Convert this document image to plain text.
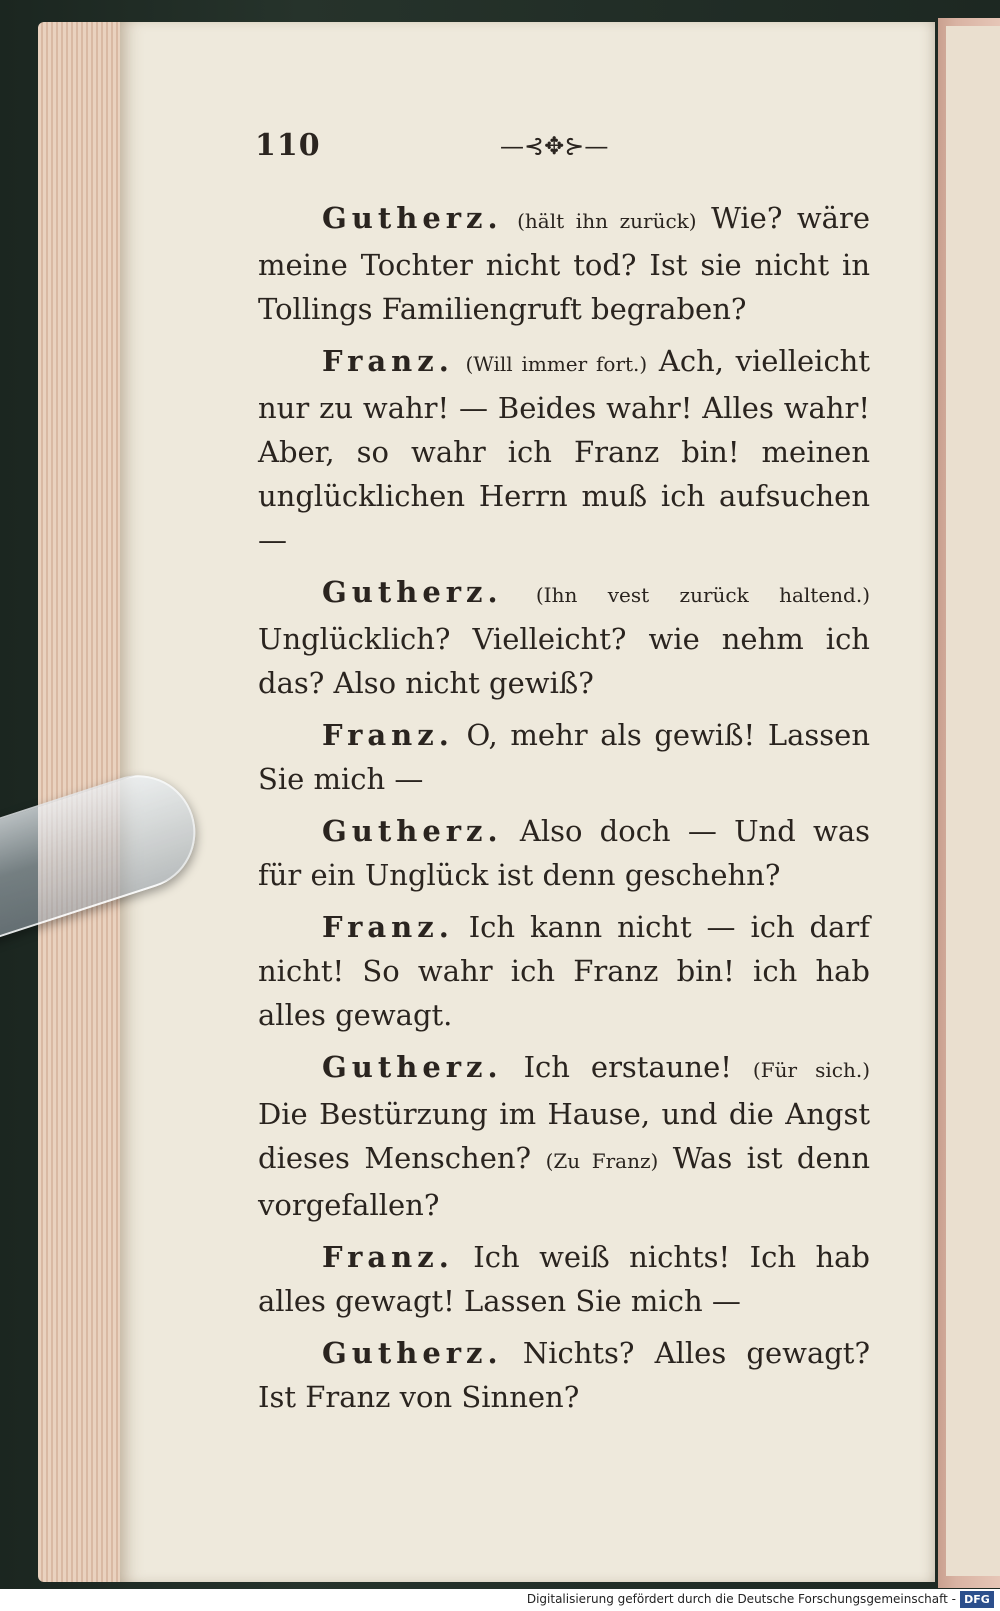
110	—⊰✥⊱—

Gutherz. (hält ihn zurück) Wie? wäre meine Tochter nicht tod? Ist sie nicht in Tollings Familiengruft begraben?

Franz. (Will immer fort.) Ach, vielleicht nur zu wahr! — Beides wahr! Alles wahr! Aber, so wahr ich Franz bin! meinen unglücklichen Herrn muß ich aufsuchen —

Gutherz. (Ihn vest zurück haltend.) Unglücklich? Vielleicht? wie nehm ich das? Also nicht gewiß?

Franz. O, mehr als gewiß! Lassen Sie mich —

Gutherz. Also doch — Und was für ein Unglück ist denn geschehn?

Franz. Ich kann nicht — ich darf nicht! So wahr ich Franz bin! ich hab alles gewagt.

Gutherz. Ich erstaune! (Für sich.) Die Bestürzung im Hause, und die Angst dieses Menschen? (Zu Franz) Was ist denn vorgefallen?

Franz. Ich weiß nichts! Ich hab alles gewagt! Lassen Sie mich —

Gutherz. Nichts? Alles gewagt? Ist Franz von Sinnen?

Digitalisierung gefördert durch die Deutsche Forschungsgemeinschaft - DFG
